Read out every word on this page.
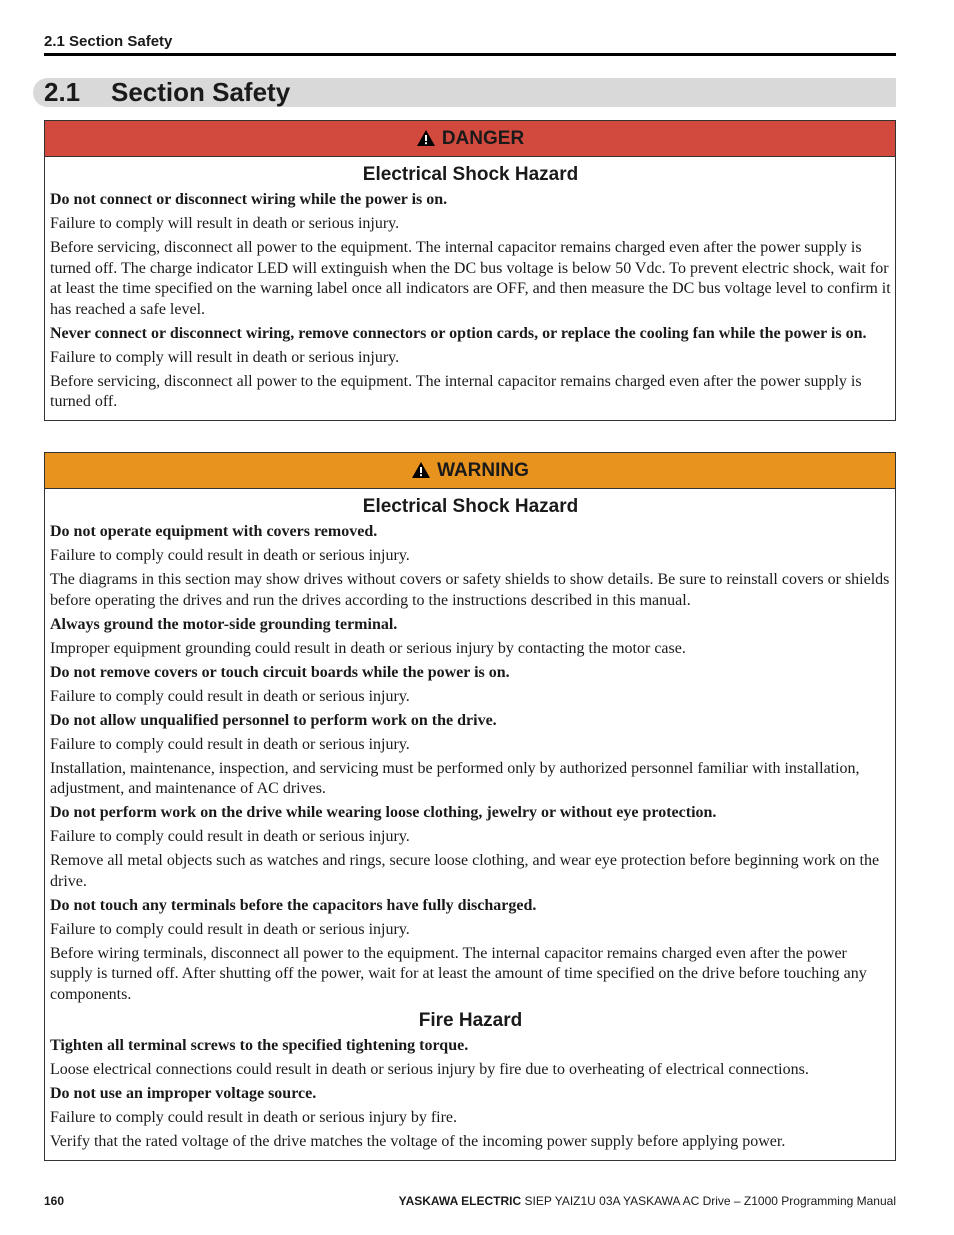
2.1 Section Safety
2.1 Section Safety
DANGER
Electrical Shock Hazard
Do not connect or disconnect wiring while the power is on.
Failure to comply will result in death or serious injury.
Before servicing, disconnect all power to the equipment. The internal capacitor remains charged even after the power supply is turned off. The charge indicator LED will extinguish when the DC bus voltage is below 50 Vdc. To prevent electric shock, wait for at least the time specified on the warning label once all indicators are OFF, and then measure the DC bus voltage level to confirm it has reached a safe level.
Never connect or disconnect wiring, remove connectors or option cards, or replace the cooling fan while the power is on.
Failure to comply will result in death or serious injury.
Before servicing, disconnect all power to the equipment. The internal capacitor remains charged even after the power supply is turned off.
WARNING
Electrical Shock Hazard
Do not operate equipment with covers removed.
Failure to comply could result in death or serious injury.
The diagrams in this section may show drives without covers or safety shields to show details. Be sure to reinstall covers or shields before operating the drives and run the drives according to the instructions described in this manual.
Always ground the motor-side grounding terminal.
Improper equipment grounding could result in death or serious injury by contacting the motor case.
Do not remove covers or touch circuit boards while the power is on.
Failure to comply could result in death or serious injury.
Do not allow unqualified personnel to perform work on the drive.
Failure to comply could result in death or serious injury.
Installation, maintenance, inspection, and servicing must be performed only by authorized personnel familiar with installation, adjustment, and maintenance of AC drives.
Do not perform work on the drive while wearing loose clothing, jewelry or without eye protection.
Failure to comply could result in death or serious injury.
Remove all metal objects such as watches and rings, secure loose clothing, and wear eye protection before beginning work on the drive.
Do not touch any terminals before the capacitors have fully discharged.
Failure to comply could result in death or serious injury.
Before wiring terminals, disconnect all power to the equipment. The internal capacitor remains charged even after the power supply is turned off. After shutting off the power, wait for at least the amount of time specified on the drive before touching any components.
Fire Hazard
Tighten all terminal screws to the specified tightening torque.
Loose electrical connections could result in death or serious injury by fire due to overheating of electrical connections.
Do not use an improper voltage source.
Failure to comply could result in death or serious injury by fire.
Verify that the rated voltage of the drive matches the voltage of the incoming power supply before applying power.
160	YASKAWA ELECTRIC SIEP YAIZ1U 03A YASKAWA AC Drive – Z1000 Programming Manual
